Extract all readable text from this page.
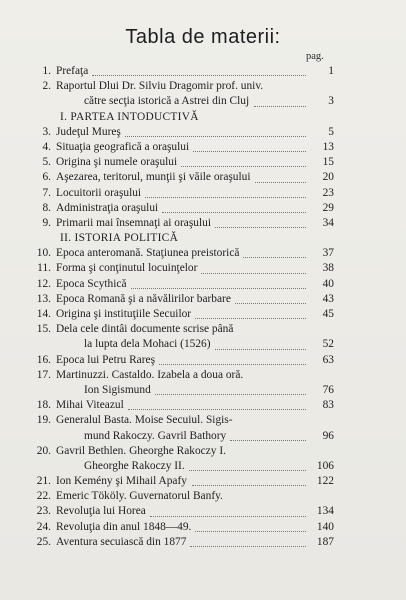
Tabla de materii:
pag.
1. Prefaţa	1
2. Raportul Dlui Dr. Silviu Dragomir prof. univ.
către secţia istorică a Astrei din Cluj	3
I. PARTEA INTODUCTIVĂ
3. Judeţul Mureş	5
4. Situaţia geografică a oraşului	13
5. Origina şi numele oraşului	15
6. Aşezarea, teritorul, munţii şi văile oraşului	20
7. Locuitorii oraşului	23
8. Administraţia oraşului	29
9. Primarii mai însemnaţi ai oraşului	34
II. ISTORIA POLITICĂ
10. Epoca anteromană. Staţiunea preistorică	37
11. Forma şi conţinutul locuinţelor	38
12. Epoca Scythică	40
13. Epoca Romană şi a năvălirilor barbare	43
14. Origina şi instituţiile Secuilor	45
15. Dela cele dintâi documente scrise până
la lupta dela Mohaci (1526)	52
16. Epoca lui Petru Rareş	63
17. Martinuzzi. Castaldo. Izabela a doua oră.
Ion Sigismund	76
18. Mihai Viteazul	83
19. Generalul Basta. Moise Secuiul. Sigis-
mund Rakoczy. Gavril Bathory	96
20. Gavril Bethlen. Gheorghe Rakoczy I.
Gheorghe Rakoczy II.	106
21. Ion Kemény şi Mihail Apafy	122
22. Emeric Tököly. Guvernatorul Banfy.
23. Revoluţia lui Horea	134
24. Revoluţia din anul 1848—49.	140
25. Aventura secuiască din 1877	187
